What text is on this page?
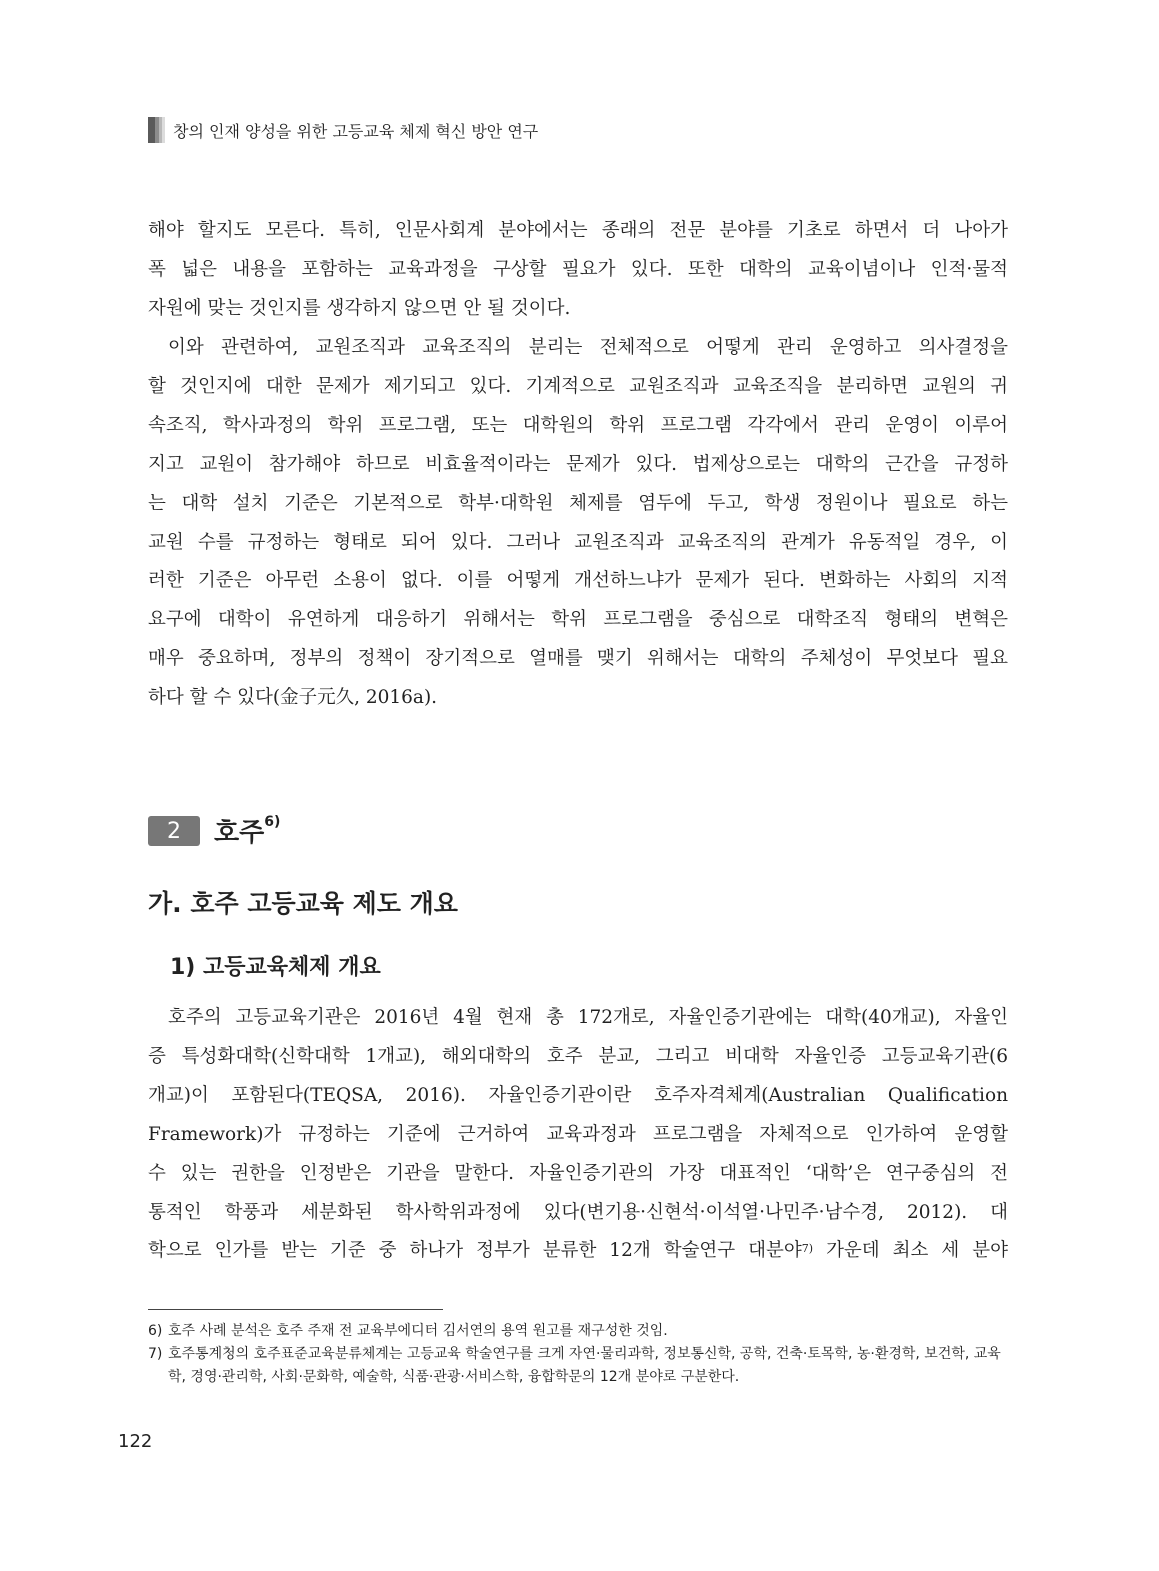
창의 인재 양성을 위한 고등교육 체제 혁신 방안 연구
해야 할지도 모른다. 특히, 인문사회계 분야에서는 종래의 전문 분야를 기초로 하면서 더 나아가
폭 넓은 내용을 포함하는 교육과정을 구상할 필요가 있다. 또한 대학의 교육이념이나 인적·물적
자원에 맞는 것인지를 생각하지 않으면 안 될 것이다.
이와 관련하여, 교원조직과 교육조직의 분리는 전체적으로 어떻게 관리 운영하고 의사결정을
할 것인지에 대한 문제가 제기되고 있다. 기계적으로 교원조직과 교육조직을 분리하면 교원의 귀
속조직, 학사과정의 학위 프로그램, 또는 대학원의 학위 프로그램 각각에서 관리 운영이 이루어
지고 교원이 참가해야 하므로 비효율적이라는 문제가 있다. 법제상으로는 대학의 근간을 규정하
는 대학 설치 기준은 기본적으로 학부·대학원 체제를 염두에 두고, 학생 정원이나 필요로 하는
교원 수를 규정하는 형태로 되어 있다. 그러나 교원조직과 교육조직의 관계가 유동적일 경우, 이
러한 기준은 아무런 소용이 없다. 이를 어떻게 개선하느냐가 문제가 된다. 변화하는 사회의 지적
요구에 대학이 유연하게 대응하기 위해서는 학위 프로그램을 중심으로 대학조직 형태의 변혁은
매우 중요하며, 정부의 정책이 장기적으로 열매를 맺기 위해서는 대학의 주체성이 무엇보다 필요
하다 할 수 있다(金子元久, 2016a).
2	호주$^{6)}$
가. 호주 고등교육 제도 개요
1) 고등교육체제 개요
호주의 고등교육기관은 2016년 4월 현재 총 172개로, 자율인증기관에는 대학(40개교), 자율인
증 특성화대학(신학대학 1개교), 해외대학의 호주 분교, 그리고 비대학 자율인증 고등교육기관(6
개교)이 포함된다(TEQSA, 2016). 자율인증기관이란 호주자격체계(Australian Qualification
Framework)가 규정하는 기준에 근거하여 교육과정과 프로그램을 자체적으로 인가하여 운영할
수 있는 권한을 인정받은 기관을 말한다. 자율인증기관의 가장 대표적인 ‘대학’은 연구중심의 전
통적인 학풍과 세분화된 학사학위과정에 있다(변기용·신현석·이석열·나민주·남수경, 2012). 대
학으로 인가를 받는 기준 중 하나가 정부가 분류한 12개 학술연구 대분야$^{7)}$ 가운데 최소 세 분야
6) 호주 사례 분석은 호주 주재 전 교육부에디터 김서연의 용역 원고를 재구성한 것임.
7) 호주통계청의 호주표준교육분류체계는 고등교육 학술연구를 크게 자연·물리과학, 정보통신학, 공학, 건축·토목학, 농·환경학, 보건학, 교육학, 경영·관리학, 사회·문화학, 예술학, 식품·관광·서비스학, 융합학문의 12개 분야로 구분한다.
122
